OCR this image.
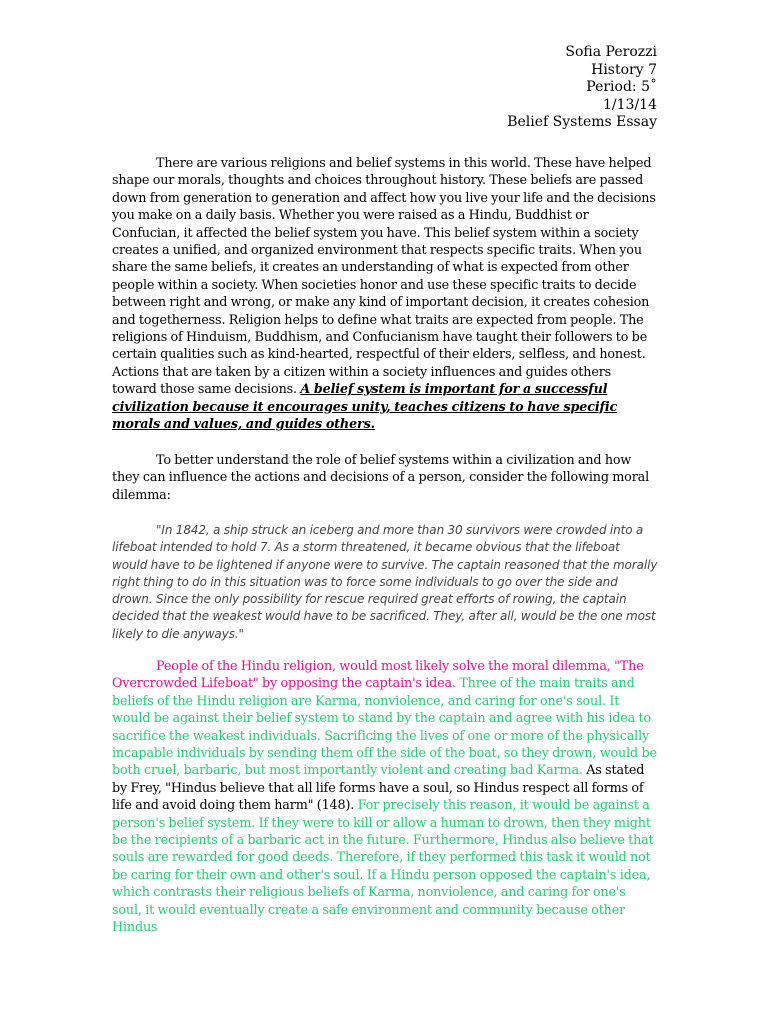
Sofia Perozzi
History 7
Period: 5˚
1/13/14
Belief Systems Essay

There are various religions and belief systems in this world. These have helped shape our morals, thoughts and choices throughout history. These beliefs are passed down from generation to generation and affect how you live your life and the decisions you make on a daily basis. Whether you were raised as a Hindu, Buddhist or Confucian, it affected the belief system you have. This belief system within a society creates a unified, and organized environment that respects specific traits. When you share the same beliefs, it creates an understanding of what is expected from other people within a society. When societies honor and use these specific traits to decide between right and wrong, or make any kind of important decision, it creates cohesion and togetherness. Religion helps to define what traits are expected from people. The religions of Hinduism, Buddhism, and Confucianism have taught their followers to be certain qualities such as kind-hearted, respectful of their elders, selfless, and honest. Actions that are taken by a citizen within a society influences and guides others toward those same decisions. A belief system is important for a successful civilization because it encourages unity, teaches citizens to have specific morals and values, and guides others.

To better understand the role of belief systems within a civilization and how they can influence the actions and decisions of a person, consider the following moral dilemma:

"In 1842, a ship struck an iceberg and more than 30 survivors were crowded into a lifeboat intended to hold 7. As a storm threatened, it became obvious that the lifeboat would have to be lightened if anyone were to survive. The captain reasoned that the morally right thing to do in this situation was to force some individuals to go over the side and drown. Since the only possibility for rescue required great efforts of rowing, the captain decided that the weakest would have to be sacrificed. They, after all, would be the one most likely to die anyways."

People of the Hindu religion, would most likely solve the moral dilemma, "The Overcrowded Lifeboat" by opposing the captain's idea. Three of the main traits and beliefs of the Hindu religion are Karma, nonviolence, and caring for one's soul. It would be against their belief system to stand by the captain and agree with his idea to sacrifice the weakest individuals. Sacrificing the lives of one or more of the physically incapable individuals by sending them off the side of the boat, so they drown, would be both cruel, barbaric, but most importantly violent and creating bad Karma. As stated by Frey, "Hindus believe that all life forms have a soul, so Hindus respect all forms of life and avoid doing them harm" (148). For precisely this reason, it would be against a person's belief system. If they were to kill or allow a human to drown, then they might be the recipients of a barbaric act in the future. Furthermore, Hindus also believe that souls are rewarded for good deeds. Therefore, if they performed this task it would not be caring for their own and other's soul. If a Hindu person opposed the captain's idea, which contrasts their religious beliefs of Karma, nonviolence, and caring for one's soul, it would eventually create a safe environment and community because other Hindus
